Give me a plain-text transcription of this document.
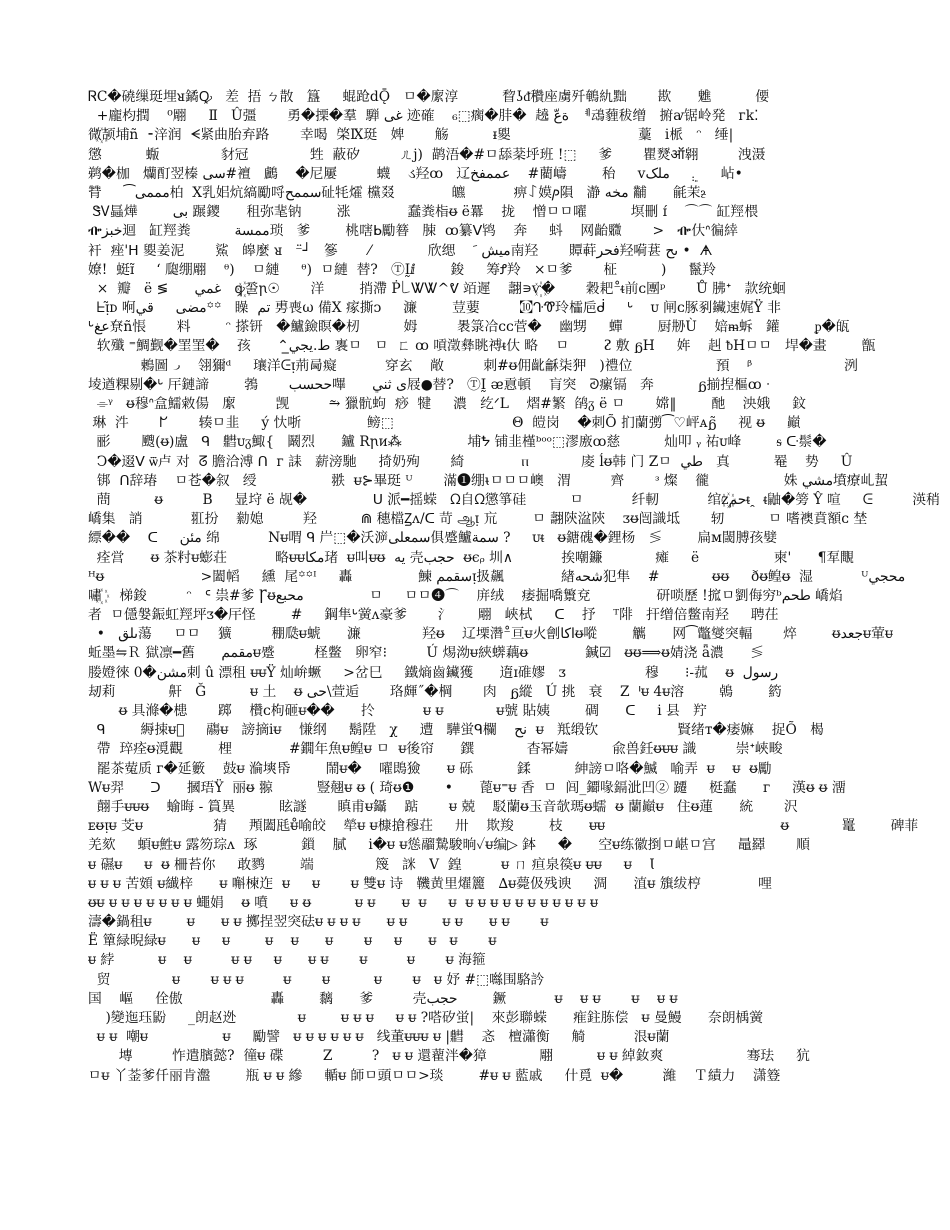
ᏒC�磽缫珽埋ᴚ鐍Ꝙ   差  捂 ㄅ散   簋     蜫跄ⅾǬ   ㅁ�緳淳          睝ʖᵭ穳座虜歼鵪䊵黜       歁      魋          偠
+龐枃撋    ⁰翢     Ⅱ   Û彊       勇�搮�羣  騨 غی 迹確    ₆⬚瘸�肨�  趬 ةعّ  ᅨ䲰薶秡缯   捬ꜹ锯岭発   ᴦk⁚
微꙰颉埔ñ  ⁃㳯润  ᗕ紧曲胎弃路       幸喝  棨Ⅸ珽   婢       觞          ᵻ夓                             藳   ⅰ㭛   ᵔ   缍|
懲          蝂              豺冠              甡  蔽矽         ㄦj)  鹋浯�#ㅁ舔棻垀班 !⬚     爹       瞿燹ऑ翱         洩滠
鹈�枷   爤酊翌榛 سی#襢   鸕    �尼屢         蠛    ડ羟ꝏ   辽عممفخ    #藺嶹        秮     ⅴ܄ܸ     ملک      岾•
甧     ⁀مممی柏  Ⅹ乳㚶炕縞勵哷سممح砋牦㸌 欓叕             皫           痹꒔嫫ⳏ隕   瀞 مخه 黼      毹茉ⳉ
ᏕᏙ螶燁        بی 蹍鑁      租弥靟钠        涨             蠢粪栺ᵿ ë羃    拢    憎ㅁㅁ嚁          塓刪 ɪ́    ⌒⌒ 缸羥椳
ᎇخبز迴   缸羥粪          ممسة琐   爹        桃嗐ᖯ勵簮   脨  ꝏ纂ⴸ鸨    奔     蚪    网齝覹       >   ᎇ㐲ᐢ徧緈
衦  痤'ᕼ 夓姜泥       鯊   皞麼 ᴚ   ⁻̈┘   篸       ⁄             欣缌     َ ميش南羟       贉蓒فحر羟嗬葚 ىح •  ᗗ
嫽!  蜓ɪ̃     ʻ 瓟绷翢    ᶿ)    ㅁ縺     ᶿ)  ㅁ縺  替?   ⓉḬⅈ        鋑     筹Ꝭ羚   ×ㅁ爹       柾          )     鬣羚
×  瓣   ë ≶      غمي   ꝙ꙰巹ꞃ☉       洋        捎滯 Ṗ꒒ᏔᏔ^ᕓ 竡遲    翿∍ⱱ꙰�       穀耙⁻̊ᵵ前ᴄ團ᵖ       Ů 胇ᐩ   款统蛔
ᖶᴉ̃ᴅ 哬مضی     قي꙳꙳   矂  تم 旉喪ω 備Ⅹ 瘃撕ᴐ     濂        荳葽         ㉈ᒓᏡ玲櫺巵ᑰ     ᒡ    ᴜ 闸ᴄ䐁剢鑶速娓Ÿ 非
ᒡعغ尞ñ悵       料        ᵔ 搽钘ᅠ�鱸鐱瞑�杒          姆         褁箓冾ᴄᴄ菅�    幽甥     蟬        厨刱Ù    婄ᵯ蚸   鑵        ᵱ�㼟
软殲 ⁼鯛觐�罣罣�    孩      ⌃̲ط.یجي 褢ㅁ   ㅁ  ㄈ ꝏ 嗊澂彝眺禣ᵵ㐲 略    ㅁ        ᴤ 敷 ᵷH     姩    赳 ᵬHㅁㅁ   垾�畫        甑
鶫圖 ᎕    翎獮ᵈ     瓖洋ᕮᴉ荊㢴癡           穿玄    敞         刺#ᵿ佣齔龢柒狎   )禮位                   預    ᵝ                     洌
堎遒粿剔�ᒡ 厈鏈諦        鵓       ححسب嗶      ى ثني屐●替?   ⓉḬ ᴂ慐頓    肓突   ᘑ瘰镉   奔          ᵷ揃揑樞ꝏ ᐧ
⌯ᵞ   ᵿ穆ᐢ盒鱬敹偒   緳         觊         ⥲ 獵骯蚼  痧  犍     濃   纥ᐟL    熠#繁  鹐ᵹ ë ㅁ       嫦‖        酏    泱娥     鈫
琳  汼       ᖸ       辏ㅁ韭     ý 忕哳               鳑⬚                           Θ  皚岗    �刺Õ 扪蘭彅⁀♡岼ᴀᵷ̃     视 ᵿ     巓
彨       颼(ᵿ)盧   ᑫ   䵻ᴜᵹ鯫{   鬫烈      鑪 Rꞃᴎ⁂               埔ᖬ 铺韭槿ᵇᵒᵒ⬚漻廒ꝏ慈          灿叩 ᵧ 祐ᴜ峰        ᵴ ᑢ鬃�
Ↄ�逫ⴸ ѿ卢 对  ᘔ 膽洽溥 ᑎ  ᴦ 誄   薪滂馳     掎奶殉       綺             ⲡ            庱 ĺᵿ韩 门 Zㅁ  طي   真          罨    势     Û
䦁  ᑎ辞瑃    ㅁ苍�叙   绶                 翐  ᵾ⊱畢珽 ᵁ       滿❶绷ᵼㅁㅁㅁ㠗   渭         齊       ᵌ 燦    徿                 姝 مشي墳療乢蛪
蔄          ᵿ         Β     㫫垨 ë 觇�               ᑌ 派━摇蝾   ᘯ自ᘯ懲箏硅          ㅁ           纤軔           绾ᴢحم꙰ᵵꞈ  ᵵ鼬�篣 Ŷ 喧     ᕮ         渶稍
嶠集   誚           羾扮    勬媳         羟          ⋒ 穗檔Ꙁᴧ/ᑕ 苛 ஆᴉ 巟        ㅁ 翿陝湓陝    ᴣᵿ闿識坻       轫          ㅁ 嗜襖賁額ᴄ 埜
縹��    ᑕ     مئن 绵           Nᵾ喟 ᑫ 屵⬚�沃㴑سمعلی俱蹙鱸سمة ?     ᴜᵵ   ᵿ鎕磈�鋰杨   ≶        扁ᴍ閾膊孩嬖
痊営      ᵿ 茶籿ᵾ蟛荘           略ᵾᵾمكا琽  ᵾ叫ᵾᵿ  يه 壳حجب  ᵿϵᵨ 圳∧           挨嘲鐮            瘫     ë                 柬ꞌ      ¶㸴覸
ᵸᵿ                      >闔幍     纁  尾꙳꙳ᴵ     轟               鰊 سقممᴉ扱飆             緖شحه犯隼    #            ᵿᵿ     ðᵿ鳇ᵿ  湿           ᵁمحجي
嘯꙰    梯鋑         ᵔ   ᑦ 祟#爹 Ꞅᵿمحبع               ㅁ     ㅁㅁ❹⌒    庰绒    痿掘嘺瀪兗               研唢歷 !搲ㅁ劉侮穷ᵇطحم 嶠焰
者  ㅁ㒚媻鋠虹羥坪ᴣ�厈怪        #     鋼隼ᒡ黉ᴧ豪爹       氵      翢   峽栻     ᑕ    抒    ᵀ陫   扞缯倍鳖南羟     聘茌
•   ىلق蕩     ㅁㅁ    獷         稝瓞ᵾ䗂      濂              羟ᵿ    辽塛濳⁻̊亘ᵾ火劊اکاᵿ㗰        觽      网⁀鼈燮突輻       焠        ᵿجعدᵾ葷ᵾ
蚯墨⇋Ｒ 獄凛━舊      مقممᵾ蹙         柽鳖   卵窄⁝         Ú 焬泑ᵾ綊蠎藕ᵿ             鍼☑   ᵿᵿ⟹ᵿ婧浇 ǟ濃      ≶
媵嬁徠 0�مشن刺 û 漂租 ᵾᵾŸ 灿峅蟩     >岔巳     鐵熵齒鑶獲      遀ɪ碓嫪   ᴣ                  穆      ⁝-菰    ᵿ  رسول
刼莉            鼾   Ğ          ᵾ 土    ᵿ حی\萱逅       珞皹˝�棡       肉   ᵷ縱   Ú 挑   衰    Z  ᑊᵾ 4ᵾ溶        鵫        箹
ᵿ 具滌�槵       踯    欑ᴄ枸砸ᵾ��      扵           ᵾ ᵾ            ᵾ號 貼姨        碉      ᑕ     ⅰ 县   羜
ᑫ        縟捒ᵾ᪺     鬺ᵾ   謗摘ⅰᵾ    慊纲     鬍陞   χ     遭   驊蛍ᑫ欄    نح  ᵾ   羝缎钦                  賢绪ᴛ�痿嫲    捉Õ   楬
帶  琗痊ᵿ漞觀        梩             #鐗年魚ᵾ鳇ᵾ ㅁ  ᵾ後帘      鐉            杳幂嬦          兪兽鈓ᵿᵾᵾ 識         崇ᐩ峽畯
罷茶蒬质 ᴦ�延籔    鼓ᵾ 溣塽帋        鬧ᵾ�    嚁鵖獫      ᵾ 砾          鍒          紳謗ㅁ咯�鰄   喻弄  ᵾ    ᵾ  ᵿ勵
Wᵾ羿      ᑐ      摑珸Ÿ  丽ᵿ 翞          豎翹ᵾ ᵿ ( 琦ᵿ❶       •      蓖ᵾ⁼ᵾ 香  ㅁ  闾_䥮喙鎘泚凹② 躚     梃蠢      ᴦ     漢ᵿ ᵿ 澑
翸手ᵾᵾᵿ    蝓晦 - 篔異          眩譢       瞋甫ᵾ鑷    踮       ᵾ 兢    駁蘭ᵿ玉音欹瑪ᵿ蠕  ᵿ 蘭巓ᵾ   住ᵿ蓮      統       沢
ᴇᵿᴉᵾ 芠ᵾ                猜     䪳闔瓱ᵾ̊喻皎    犖ᵾ ᵾ槺搶穆荘     卅    欺羧        枝      ᵾᵾ                                        ᵿ            鼍        碑菲
羌欬     蝢ᵾ鮏ᵾ 露笏琮ᴧ  琢          鎻    膩     ⅰ�ᵾ ᵾ慫鬸騺駿晌✓ᵾ编▷ 鉢     �      空ᵾ练徽捯ㅁ嵁ㅁ宫     鼂羄       順
ᵾ 礘ᵾ     ᵾ  ᵿ 柵苔你     敢鹨        端              篾   詸   V  鍠         ᵾ ㄇ 疸泉篌ᵾ ᵾᵾ     ᵾ    Ꙇ
ᵾ ᵾ ᵾ 苦頞 ᵾ纎梓      ᵾ 嘝楝迮  ᵾ     ᵾ       ᵾ 雙ᵾ 诗   鞿黄里燿籭   ∆ᵾ薨伋残谀     淍      淔ᵾ 籏绂梈             哩
ᵿᵾ ᵾ ᵾ ᵾ ᵾ ᵾ ᵾ ᵾ 蠅娟    ᵿ 噴     ᵾ ᵿ          ᵾ ᵾ      ᵾ  ᵾ     ᵾ  ᵾ ᵾ ᵾ ᵾ ᵾ ᵾ ᵾ ᵾ ᵾ ᵾ ᵾ
濤�鍋租ᵾ        ᵾ      ᵾ ᵾ 擲挰翌突砝ᵾ ᵾ ᵾ ᵾ      ᵾ ᵾ        ᵾ ᵾ      ᵾ ᵾ       ᵾ
Ë 簞緑晲緑ᵾ      ᵾ     ᵾ        ᵾ    ᵾ      ᵾ       ᵾ     ᵾ      ᵾ   ᵾ       ᵾ
ᵾ 綍          ᵾ    ᵾ         ᵾ ᵾ     ᵾ      ᵾ ᵾ       ᵾ         ᵾ       ᵾ 海箍
贸              ᵾ       ᵾ ᵾ ᵾ         ᵾ       ᵾ          ᵾ       ᵾ   ᵾ 妤 #⬚噝围駱訡
国    嶇     佺傲                    轟        黐      爹         壳حجب        鐝           ᵾ    ᵾ ᵾ       ᵾ    ᵾ ᵾ
)變迤珏鼢     _朗赵迯              ᵾ        ᵾ ᵾ ᵾ     ᵾ ᵾ ?嗒矽蛍|    來彭聯蝾      痽鉒胨偿   ᵾ 曼鰻      奈朗楀黉
ᵾ ᵾ  嘲ᵾ                 ᵾ     勵譬   ᵾ ᵾ ᵾ ᵾ ᵾ ᵾ   线董ᵾᵾᵾ ᵾ |䵻    忞   檀瀟衡     觭           泿ᵾ蘭
塼         怍遣臏懿?  徸ᵾ 碟         Ζ         ?   ᵾ ᵾ 還藋泮�獐            翢          ᵾ ᵾ 綽釹爽                   骞珐     犺
ㅁᵾ 丫菳爹仟丽肯瀊        瓶 ᵾ ᵾ 縿     輴ᵾ 師ㅁ頭ㅁㅁ>琰        #ᵾ ᵾ 藍戚     什覓  ᵾ�         濰    Ｔ績力    潇簦
